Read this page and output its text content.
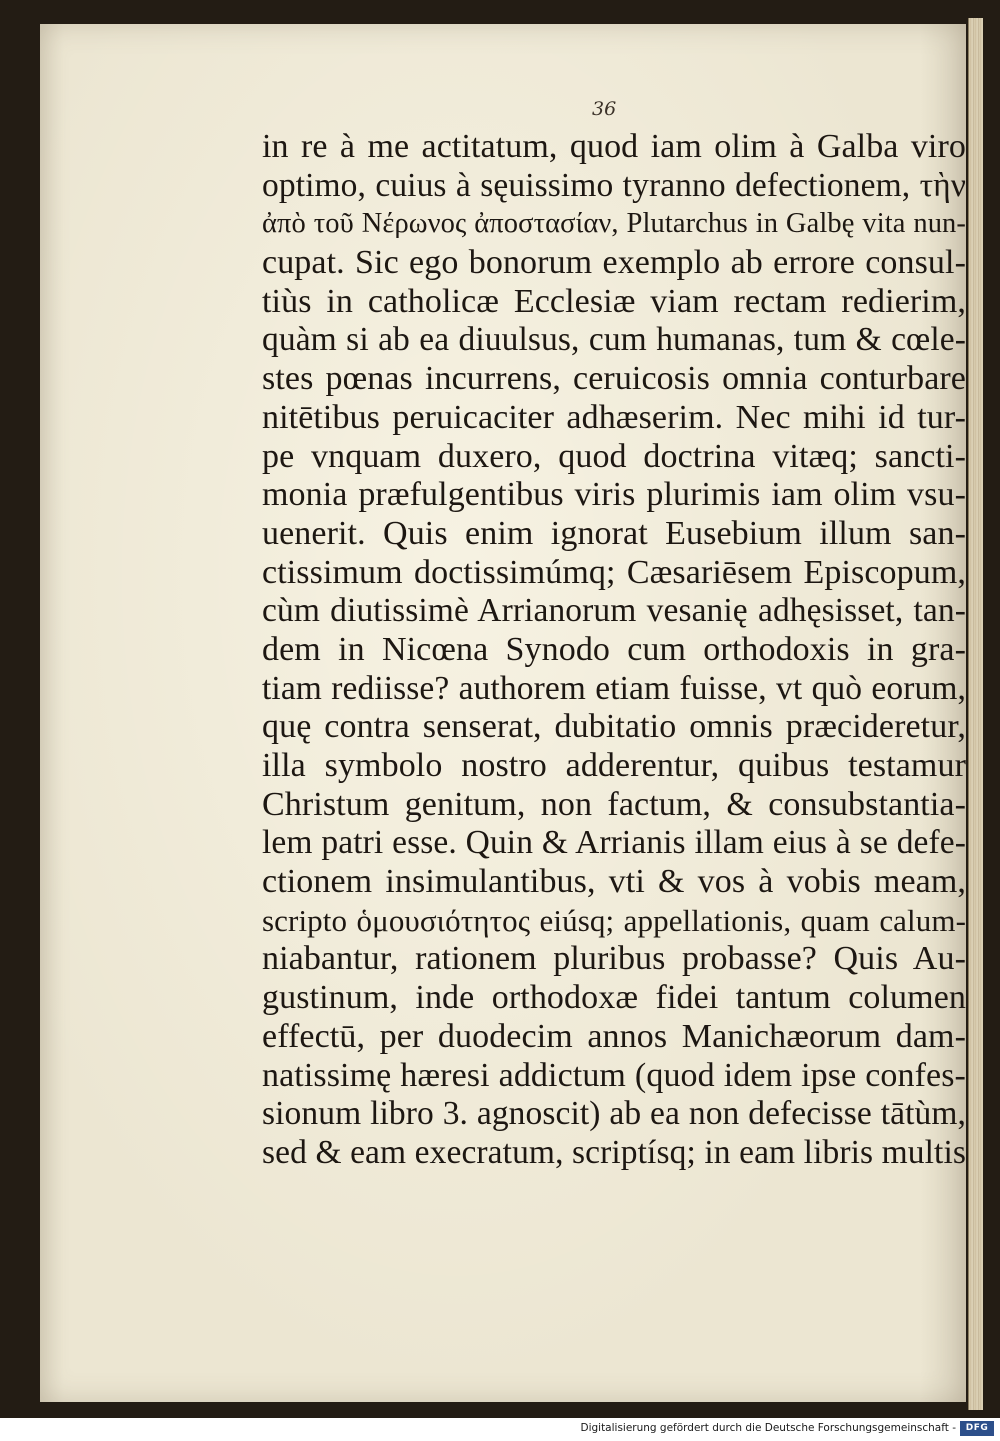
36

in re à me actitatum, quod iam olim à Galba viro
optimo, cuius à sęuissimo tyranno defectionem, τὴν
ἀπὸ τοῦ Νέρωνος ἀποστασίαν, Plutarchus in Galbę vita nun-
cupat. Sic ego bonorum exemplo ab errore consul-
tiùs in catholicæ Ecclesiæ viam rectam redierim,
quàm si ab ea diuulsus, cum humanas, tum & cœle-
stes pœnas incurrens, ceruicosis omnia conturbare
nitētibus peruicaciter adhæserim. Nec mihi id tur-
pe vnquam duxero, quod doctrina vitæq; sancti-
monia præfulgentibus viris plurimis iam olim vsu-
uenerit. Quis enim ignorat Eusebium illum san-
ctissimum doctissimúmq; Cæsariēsem Episcopum,
cùm diutissimè Arrianorum vesanię adhęsisset, tan-
dem in Nicœna Synodo cum orthodoxis in gra-
tiam rediisse? authorem etiam fuisse, vt quò eorum,
quę contra senserat, dubitatio omnis præcideretur,
illa symbolo nostro adderentur, quibus testamur
Christum genitum, non factum, & consubstantia-
lem patri esse. Quin & Arrianis illam eius à se defe-
ctionem insimulantibus, vti & vos à vobis meam,
scripto ὁμουσιότητος eiúsq; appellationis, quam calum-
niabantur, rationem pluribus probasse? Quis Au-
gustinum, inde orthodoxæ fidei tantum columen
effectū, per duodecim annos Manichæorum dam-
natissimę hæresi addictum (quod idem ipse confes-
sionum libro 3. agnoscit) ab ea non defecisse tātùm,
sed & eam execratum, scriptísq; in eam libris multis
Digitalisierung gefördert durch die Deutsche Forschungsgemeinschaft -	DFG
